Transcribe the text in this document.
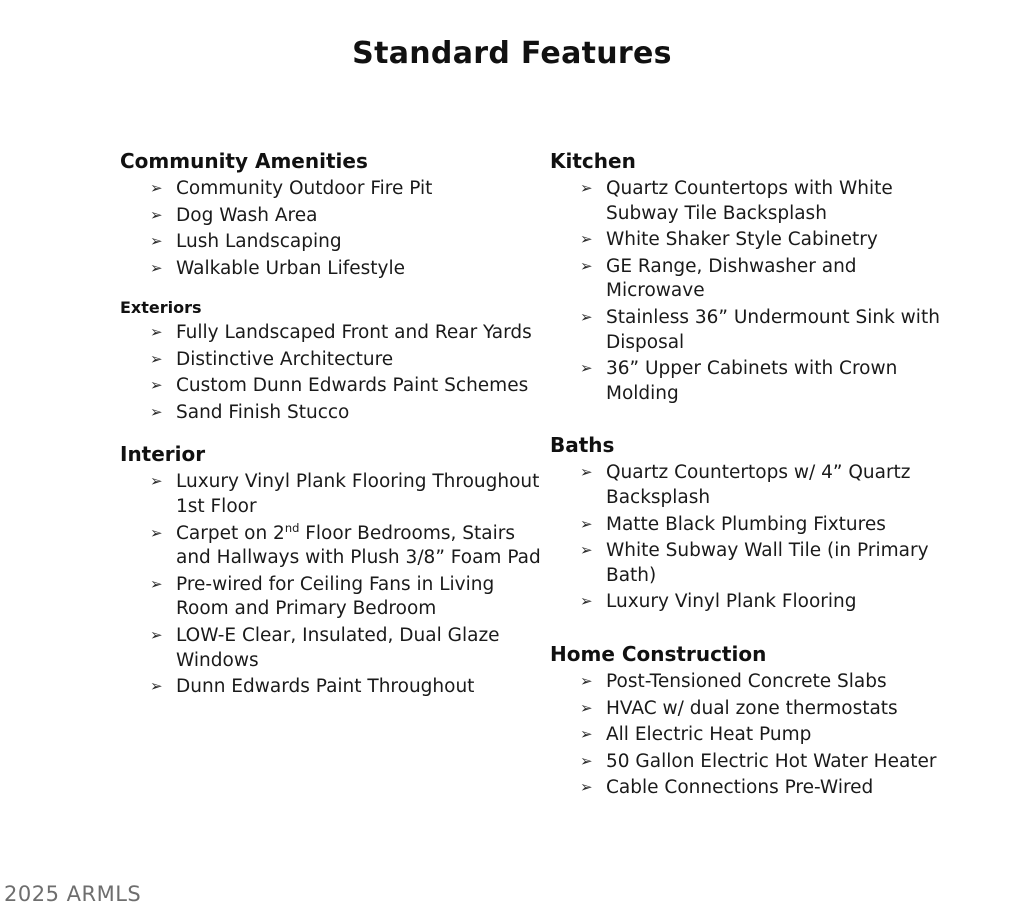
Standard Features
Community Amenities
➢ Community Outdoor Fire Pit
➢ Dog Wash Area
➢ Lush Landscaping
➢ Walkable Urban Lifestyle
Exteriors
➢ Fully Landscaped Front and Rear Yards
➢ Distinctive Architecture
➢ Custom Dunn Edwards Paint Schemes
➢ Sand Finish Stucco
Interior
➢ Luxury Vinyl Plank Flooring Throughout 1st Floor
➢ Carpet on 2nd Floor Bedrooms, Stairs and Hallways with Plush 3/8” Foam Pad
➢ Pre-wired for Ceiling Fans in Living Room and Primary Bedroom
➢ LOW-E Clear, Insulated, Dual Glaze Windows
➢ Dunn Edwards Paint Throughout
Kitchen
➢ Quartz Countertops with White Subway Tile Backsplash
➢ White Shaker Style Cabinetry
➢ GE Range, Dishwasher and Microwave
➢ Stainless 36” Undermount Sink with Disposal
➢ 36” Upper Cabinets with Crown Molding
Baths
➢ Quartz Countertops w/ 4” Quartz Backsplash
➢ Matte Black Plumbing Fixtures
➢ White Subway Wall Tile (in Primary Bath)
➢ Luxury Vinyl Plank Flooring
Home Construction
➢ Post-Tensioned Concrete Slabs
➢ HVAC w/ dual zone thermostats
➢ All Electric Heat Pump
➢ 50 Gallon Electric Hot Water Heater
➢ Cable Connections Pre-Wired
2025 ARMLS
